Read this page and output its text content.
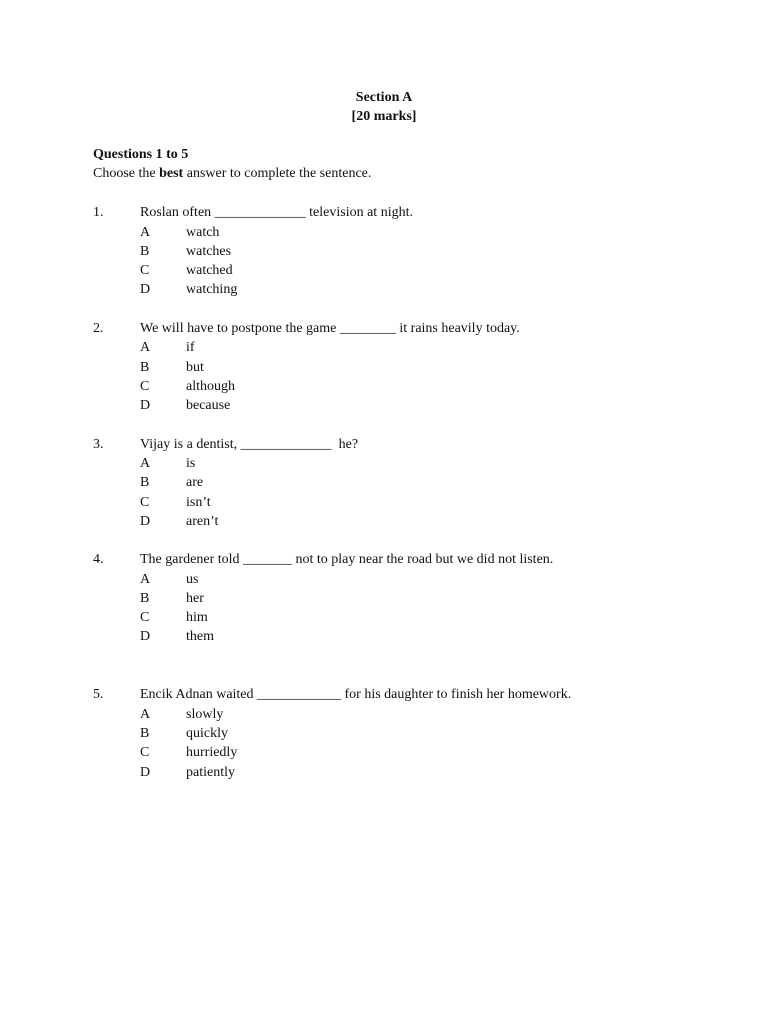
Section A
[20 marks]
Questions 1 to 5
Choose the best answer to complete the sentence.
1.	Roslan often _____________ television at night.
A	watch
B	watches
C	watched
D	watching
2.	We will have to postpone the game ________ it rains heavily today.
A	if
B	but
C	although
D	because
3.	Vijay is a dentist, _____________  he?
A	is
B	are
C	isn’t
D	aren’t
4.	The gardener told _______ not to play near the road but we did not listen.
A	us
B	her
C	him
D	them
5.	Encik Adnan waited ____________ for his daughter to finish her homework.
A	slowly
B	quickly
C	hurriedly
D	patiently
